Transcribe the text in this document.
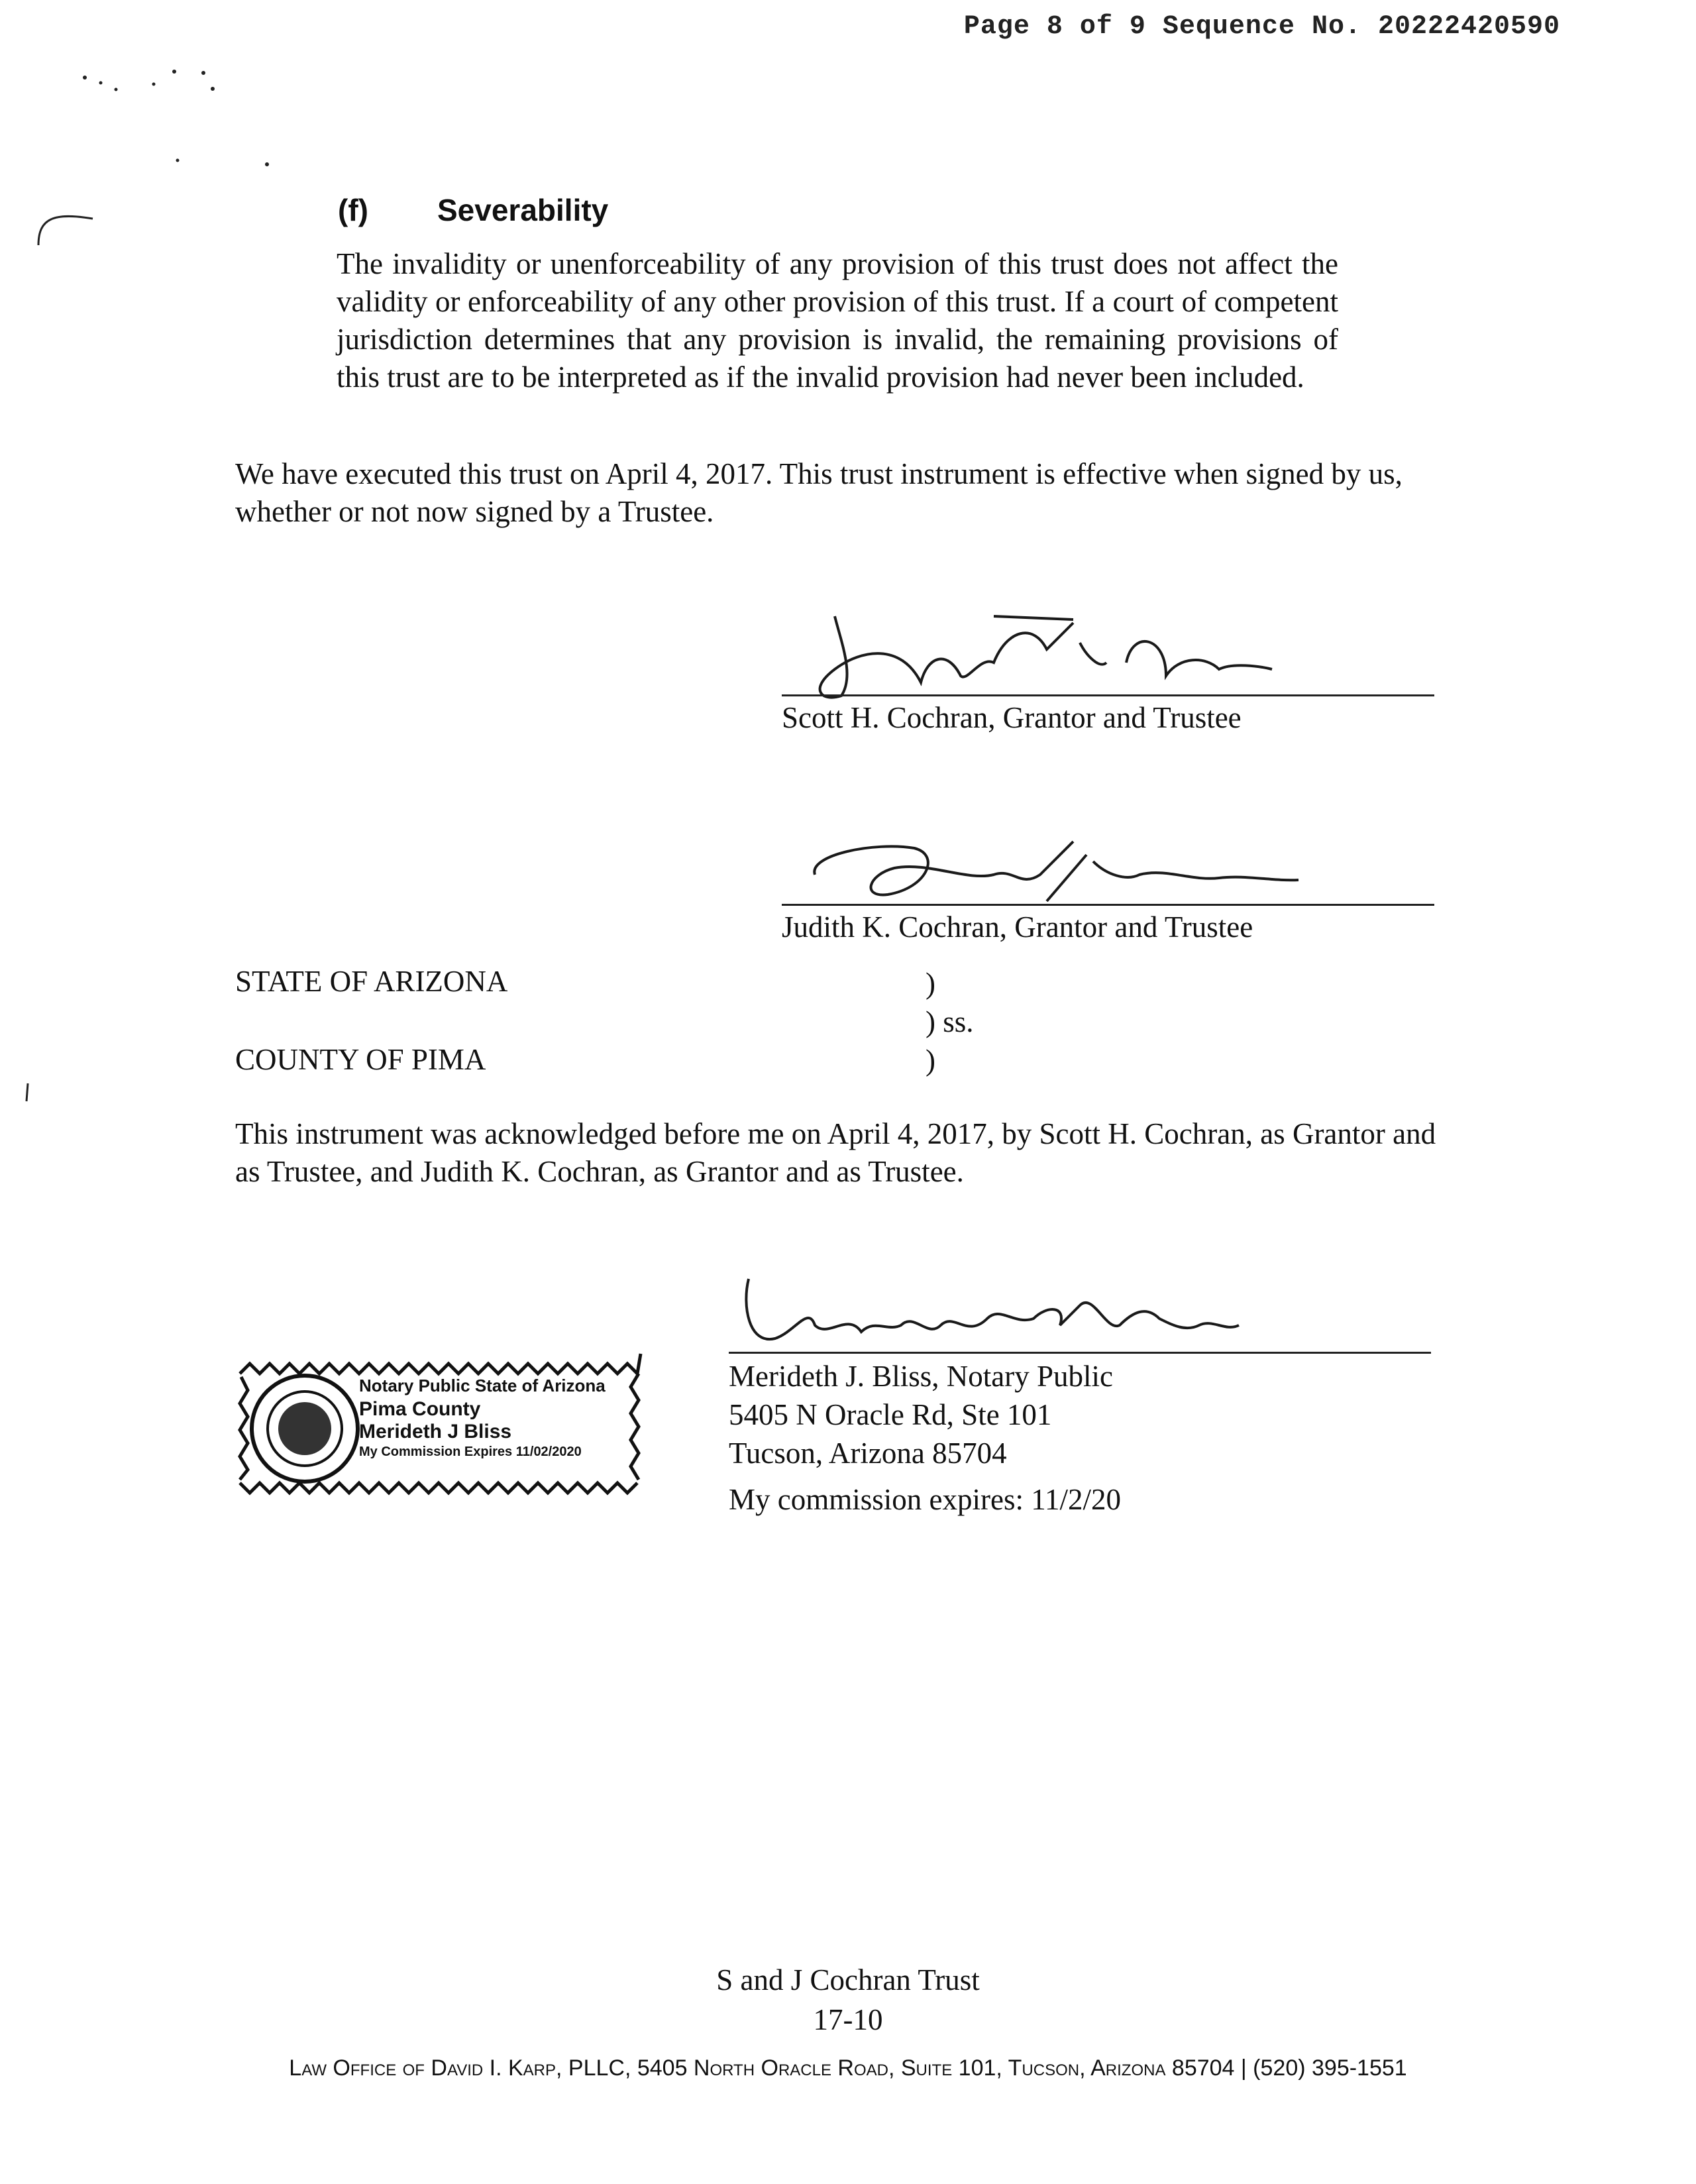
Page 8 of 9 Sequence No. 20222420590
(f) Severability
The invalidity or unenforceability of any provision of this trust does not affect the validity or enforceability of any other provision of this trust. If a court of competent jurisdiction determines that any provision is invalid, the remaining provisions of this trust are to be interpreted as if the invalid provision had never been included.
We have executed this trust on April 4, 2017. This trust instrument is effective when signed by us, whether or not now signed by a Trustee.
Scott H. Cochran, Grantor and Trustee
Judith K. Cochran, Grantor and Trustee
STATE OF ARIZONA
COUNTY OF PIMA
)
) ss.
)
This instrument was acknowledged before me on April 4, 2017, by Scott H. Cochran, as Grantor and as Trustee, and Judith K. Cochran, as Grantor and as Trustee.
Notary Public State of Arizona
Pima County
Merideth J Bliss
My Commission Expires 11/02/2020
Merideth J. Bliss, Notary Public
5405 N Oracle Rd, Ste 101
Tucson, Arizona 85704
My commission expires: 11/2/20
S and J Cochran Trust
17-10
Law Office of David I. Karp, PLLC, 5405 North Oracle Road, Suite 101, Tucson, Arizona 85704 | (520) 395-1551
